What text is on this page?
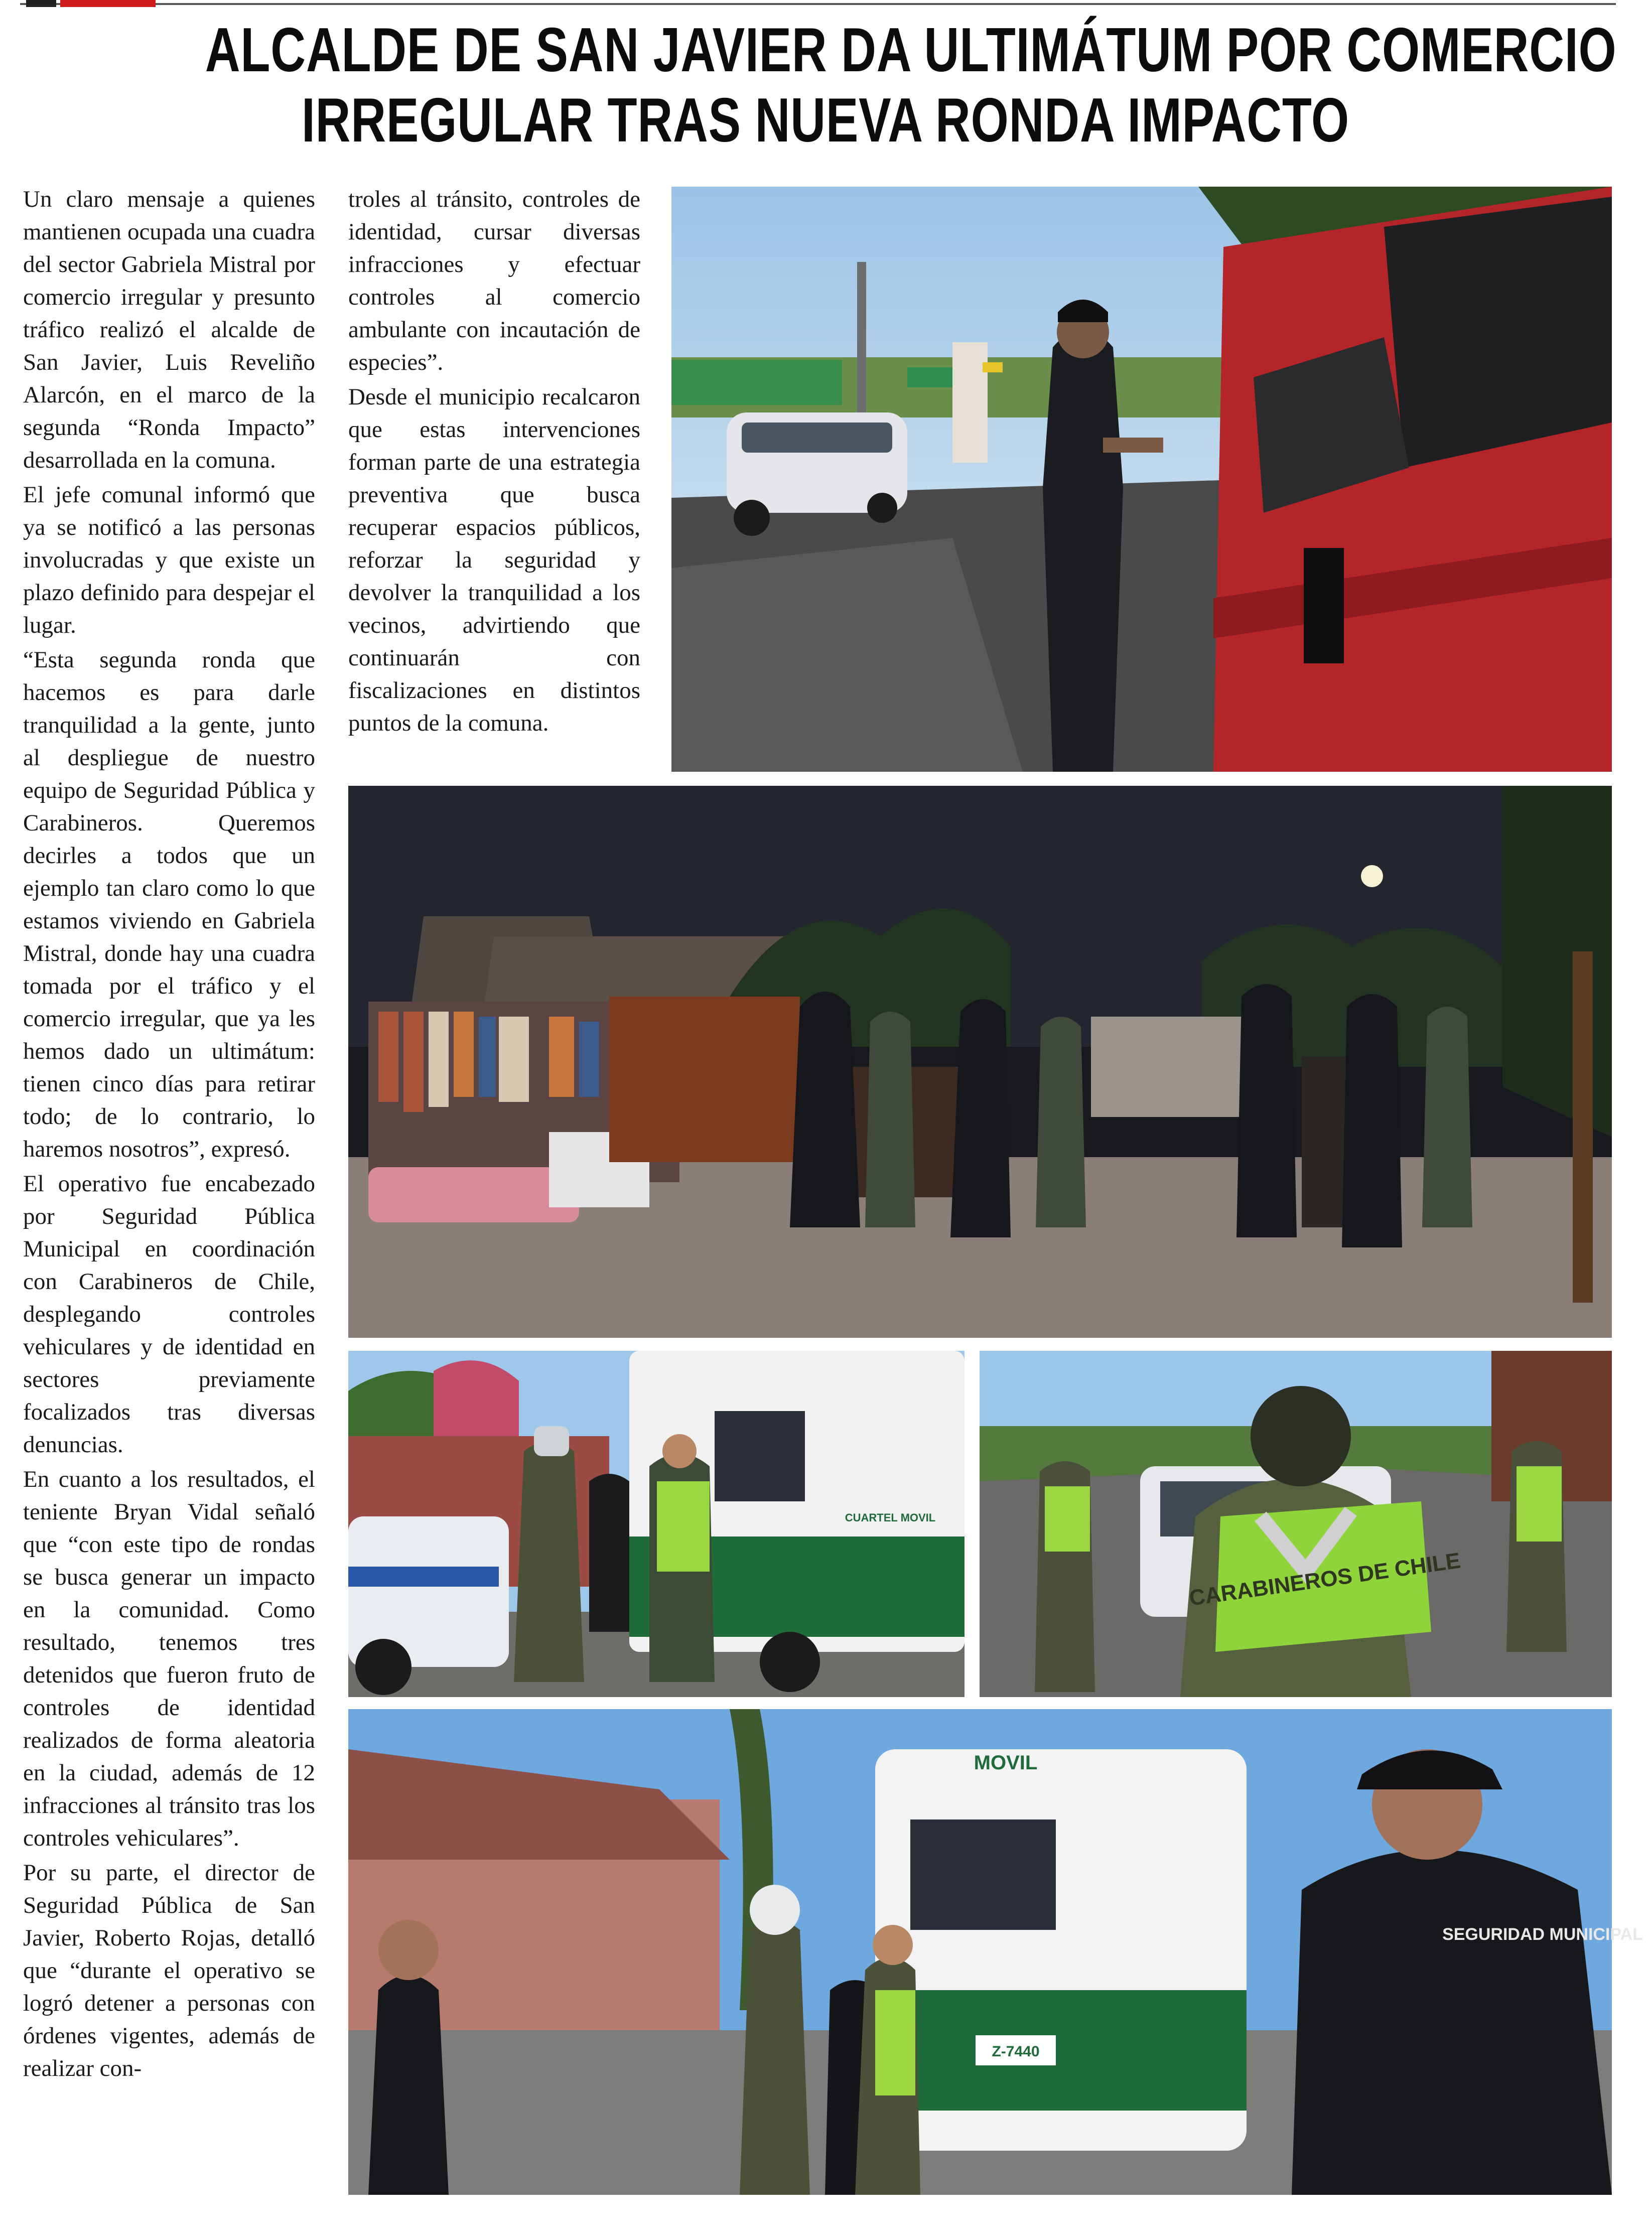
ALCALDE DE SAN JAVIER DA ULTIMÁTUM POR COMERCIO
IRREGULAR TRAS NUEVA RONDA IMPACTO

Un claro mensaje a quienes mantienen ocupada una cuadra del sector Gabriela Mistral por comercio irregular y presunto tráfico realizó el alcalde de San Javier, Luis Reveliño Alarcón, en el marco de la segunda “Ronda Impacto” desarrollada en la comuna.

El jefe comunal informó que ya se notificó a las personas involucradas y que existe un plazo definido para despejar el lugar.

“Esta segunda ronda que hacemos es para darle tranquilidad a la gente, junto al despliegue de nuestro equipo de Seguridad Pública y Carabineros. Queremos decirles a todos que un ejemplo tan claro como lo que estamos viviendo en Gabriela Mistral, donde hay una cuadra tomada por el tráfico y el comercio irregular, que ya les hemos dado un ultimátum: tienen cinco días para retirar todo; de lo contrario, lo haremos nosotros”, expresó.

El operativo fue encabezado por Seguridad Pública Municipal en coordinación con Carabineros de Chile, desplegando controles vehiculares y de identidad en sectores previamente focalizados tras diversas denuncias.

En cuanto a los resultados, el teniente Bryan Vidal señaló que “con este tipo de rondas se busca generar un impacto en la comunidad. Como resultado, tenemos tres detenidos que fueron fruto de controles de identidad realizados de forma aleatoria en la ciudad, además de 12 infracciones al tránsito tras los controles vehiculares”.

Por su parte, el director de Seguridad Pública de San Javier, Roberto Rojas, detalló que “durante el operativo se logró detener a personas con órdenes vigentes, además de realizar con-

troles al tránsito, controles de identidad, cursar diversas infracciones y efectuar controles al comercio ambulante con incautación de especies”.

Desde el municipio recalcaron que estas intervenciones forman parte de una estrategia preventiva que busca recuperar espacios públicos, reforzar la seguridad y devolver la tranquilidad a los vecinos, advirtiendo que continuarán con fiscalizaciones en distintos puntos de la comuna.

CUARTEL MOVIL
CARABINEROS DE CHILE
MOVIL
Z-7440
SEGURIDAD MUNICIPAL
